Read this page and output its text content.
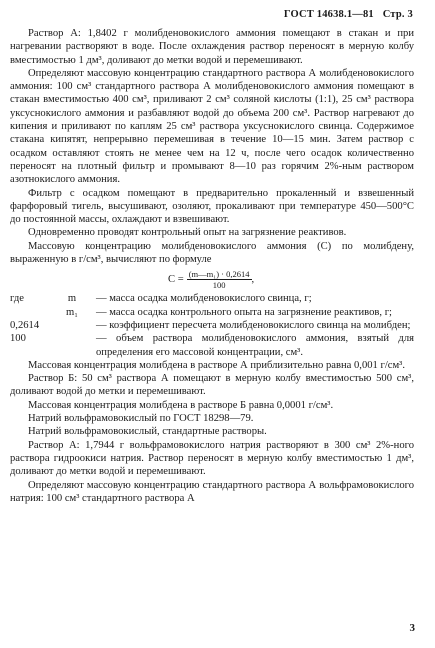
ГОСТ 14638.1—81 Стр. 3

Раствор А: 1,8402 г молибденовокислого аммония помещают в стакан и при нагревании растворяют в воде. После охлаждения раствор переносят в мерную колбу вместимостью 1 дм³, доливают до метки водой и перемешивают.

Определяют массовую концентрацию стандартного раствора А молибденовокислого аммония: 100 см³ стандартного раствора А молибденовокислого аммония помещают в стакан вместимостью 400 см³, приливают 2 см³ соляной кислоты (1:1), 25 см³ раствора уксуснокислого аммония и разбавляют водой до объема 200 см³. Раствор нагревают до кипения и приливают по каплям 25 см³ раствора уксуснокислого свинца. Содержимое стакана кипятят, непрерывно перемешивая в течение 10—15 мин. Затем раствор с осадком оставляют стоять не менее чем на 12 ч, после чего осадок количественно переносят на плотный фильтр и промывают 8—10 раз горячим 2%-ным раствором азотнокислого аммония.

Фильтр с осадком помещают в предварительно прокаленный и взвешенный фарфоровый тигель, высушивают, озоляют, прокаливают при температуре 450—500°С до постоянной массы, охлаждают и взвешивают.

Одновременно проводят контрольный опыт на загрязнение реактивов.

Массовую концентрацию молибденовокислого аммония (C) по молибдену, выраженную в г/см³, вычисляют по формуле

$C = \frac{\text{(m—m₁) · 0,2614}}{100}$ ,
где	m	— масса осадка молибденовокислого свинца, г;
m₁	— масса осадка контрольного опыта на загрязнение реактивов, г;
0,2614	— коэффициент пересчета молибденовокислого свинца на молибден;
100	— объем раствора молибденовокислого аммония, взятый для определения его массовой концентрации, см³.

Массовая концентрация молибдена в растворе А приблизительно равна 0,001 г/см³.

Раствор Б: 50 см³ раствора А помещают в мерную колбу вместимостью 500 см³, доливают водой до метки и перемешивают.

Массовая концентрация молибдена в растворе Б равна 0,0001 г/см³.

Натрий вольфрамовокислый по ГОСТ 18298—79.

Натрий вольфрамовокислый, стандартные растворы.

Раствор А: 1,7944 г вольфрамовокислого натрия растворяют в 300 см³ 2%-ного раствора гидроокиси натрия. Раствор переносят в мерную колбу вместимостью 1 дм³, доливают до метки водой и перемешивают.

Определяют массовую концентрацию стандартного раствора А вольфрамовокислого натрия: 100 см³ стандартного раствора А

3
